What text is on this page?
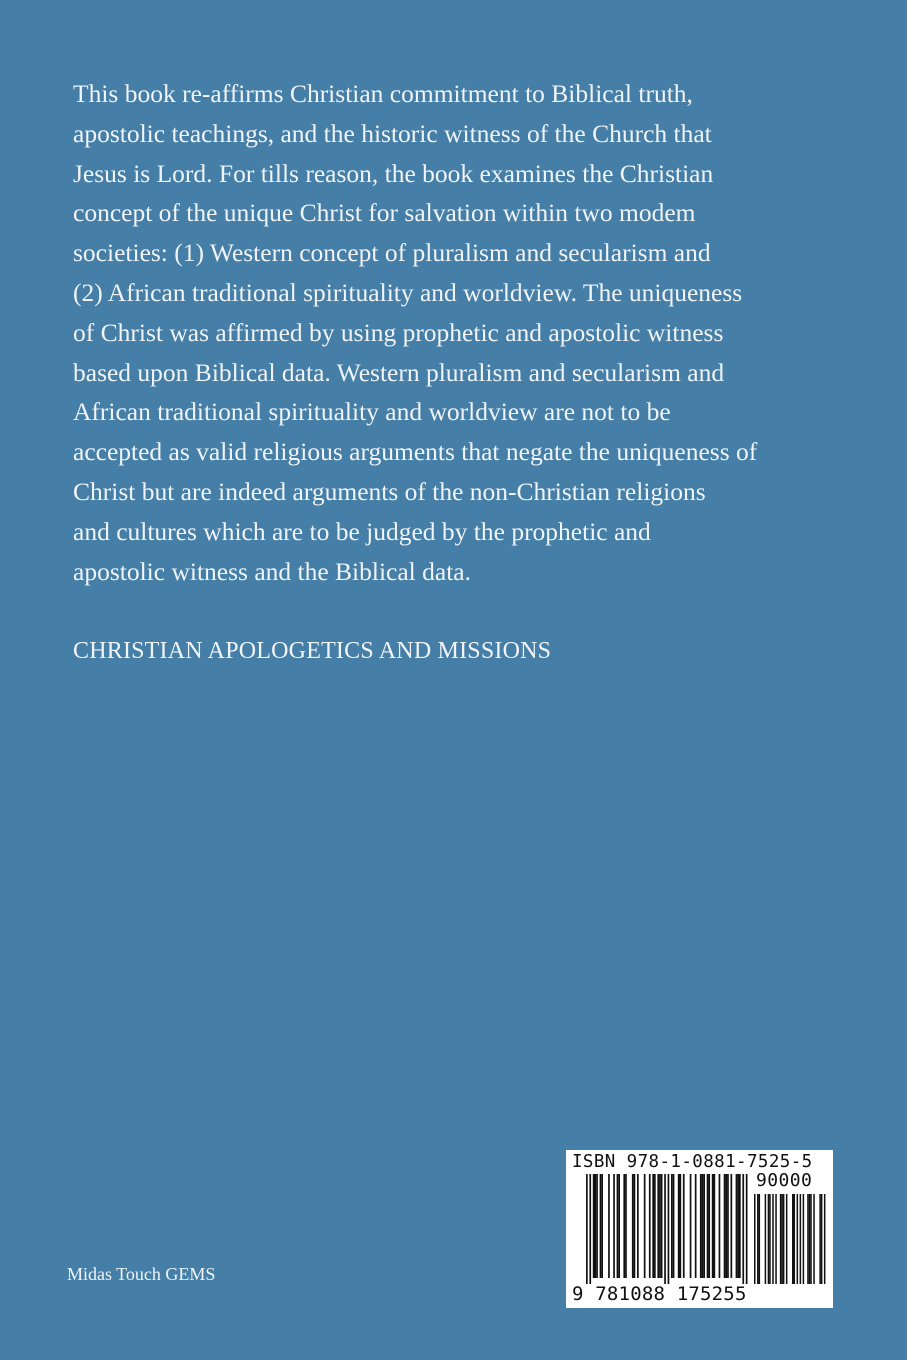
This book re-affirms Christian commitment to Biblical truth,
apostolic teachings, and the historic witness of the Church that
Jesus is Lord. For tills reason, the book examines the Christian
concept of the unique Christ for salvation within two modem
societies: (1) Western concept of pluralism and secularism and
(2) African traditional spirituality and worldview. The uniqueness
of Christ was affirmed by using prophetic and apostolic witness
based upon Biblical data. Western pluralism and secularism and
African traditional spirituality and worldview are not to be
accepted as valid religious arguments that negate the uniqueness of
Christ but are indeed arguments of the non-Christian religions
and cultures which are to be judged by the prophetic and
apostolic witness and the Biblical data.

CHRISTIAN APOLOGETICS AND MISSIONS

Midas Touch GEMS

ISBN 978-1-0881-7525-5
90000
9 781088 175255
